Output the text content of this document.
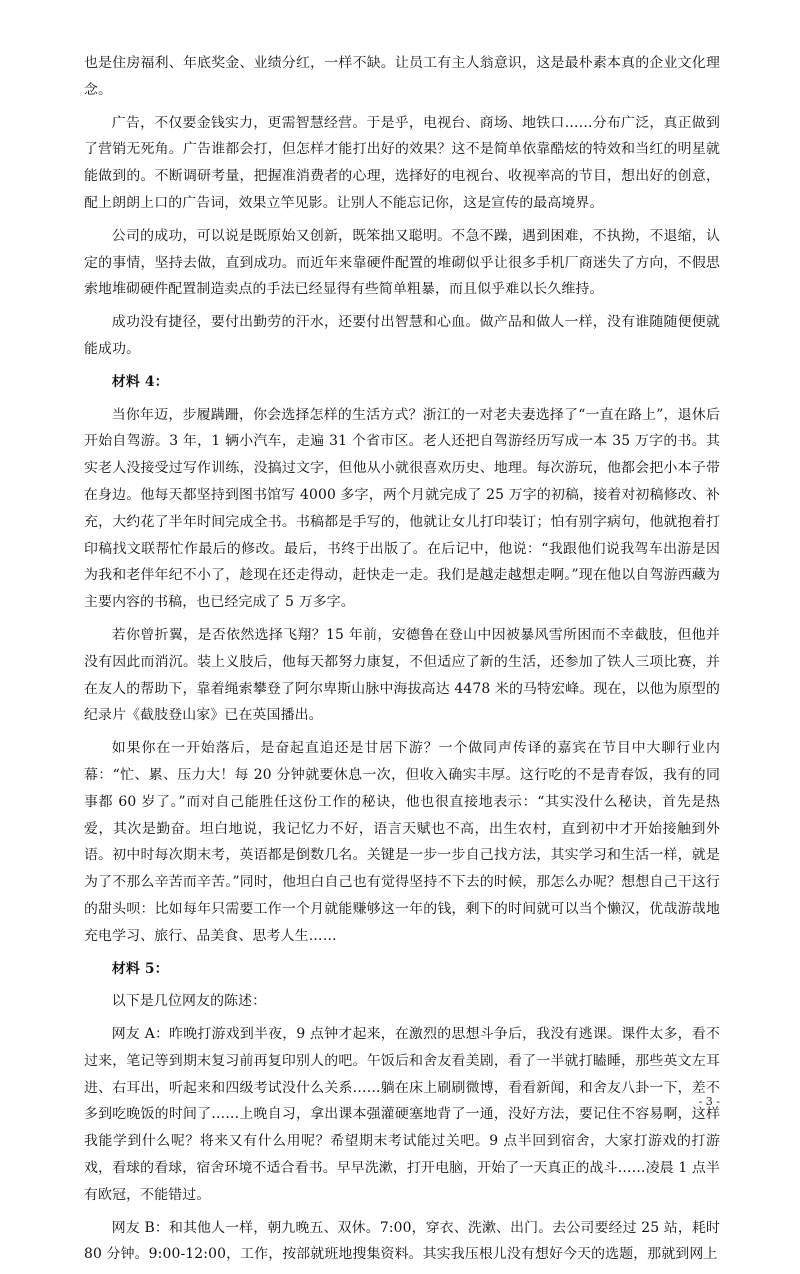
也是住房福利、年底奖金、业绩分红，一样不缺。让员工有主人翁意识，这是最朴素本真的企业文化理念。

广告，不仅要金钱实力，更需智慧经营。于是乎，电视台、商场、地铁口……分布广泛，真正做到了营销无死角。广告谁都会打，但怎样才能打出好的效果？这不是简单依靠酷炫的特效和当红的明星就能做到的。不断调研考量，把握准消费者的心理，选择好的电视台、收视率高的节目，想出好的创意，配上朗朗上口的广告词，效果立竿见影。让别人不能忘记你，这是宣传的最高境界。

公司的成功，可以说是既原始又创新，既笨拙又聪明。不急不躁，遇到困难，不执拗，不退缩，认定的事情，坚持去做，直到成功。而近年来靠硬件配置的堆砌似乎让很多手机厂商迷失了方向，不假思索地堆砌硬件配置制造卖点的手法已经显得有些简单粗暴，而且似乎难以长久维持。

成功没有捷径，要付出勤劳的汗水，还要付出智慧和心血。做产品和做人一样，没有谁随随便便就能成功。

材料 4：

当你年迈，步履蹒跚，你会选择怎样的生活方式？浙江的一对老夫妻选择了“一直在路上”，退休后开始自驾游。3 年，1 辆小汽车，走遍 31 个省市区。老人还把自驾游经历写成一本 35 万字的书。其实老人没接受过写作训练，没搞过文字，但他从小就很喜欢历史、地理。每次游玩，他都会把小本子带在身边。他每天都坚持到图书馆写 4000 多字，两个月就完成了 25 万字的初稿，接着对初稿修改、补充，大约花了半年时间完成全书。书稿都是手写的，他就让女儿打印装订；怕有别字病句，他就抱着打印稿找文联帮忙作最后的修改。最后，书终于出版了。在后记中，他说：“我跟他们说我驾车出游是因为我和老伴年纪不小了，趁现在还走得动，赶快走一走。我们是越走越想走啊。”现在他以自驾游西藏为主要内容的书稿，也已经完成了 5 万多字。

若你曾折翼，是否依然选择飞翔？15 年前，安德鲁在登山中因被暴风雪所困而不幸截肢，但他并没有因此而消沉。装上义肢后，他每天都努力康复，不但适应了新的生活，还参加了铁人三项比赛，并在友人的帮助下，靠着绳索攀登了阿尔卑斯山脉中海拔高达 4478 米的马特宏峰。现在，以他为原型的纪录片《截肢登山家》已在英国播出。

如果你在一开始落后，是奋起直追还是甘居下游？一个做同声传译的嘉宾在节目中大聊行业内幕：“忙、累、压力大！每 20 分钟就要休息一次，但收入确实丰厚。这行吃的不是青春饭，我有的同事都 60 岁了。”而对自己能胜任这份工作的秘诀，他也很直接地表示：“其实没什么秘诀，首先是热爱，其次是勤奋。坦白地说，我记忆力不好，语言天赋也不高，出生农村，直到初中才开始接触到外语。初中时每次期末考，英语都是倒数几名。关键是一步一步自己找方法，其实学习和生活一样，就是为了不那么辛苦而辛苦。”同时，他坦白自己也有觉得坚持不下去的时候，那怎么办呢？想想自己干这行的甜头呗：比如每年只需要工作一个月就能赚够这一年的钱，剩下的时间就可以当个懒汉，优哉游哉地充电学习、旅行、品美食、思考人生……

材料 5：

以下是几位网友的陈述：

网友 A：昨晚打游戏到半夜，9 点钟才起来，在激烈的思想斗争后，我没有逃课。课件太多，看不过来，笔记等到期末复习前再复印别人的吧。午饭后和舍友看美剧，看了一半就打瞌睡，那些英文左耳进、右耳出，听起来和四级考试没什么关系……躺在床上刷刷微博，看看新闻，和舍友八卦一下，差不多到吃晚饭的时间了……上晚自习，拿出课本强灌硬塞地背了一通，没好方法，要记住不容易啊，这样我能学到什么呢？将来又有什么用呢？希望期末考试能过关吧。9 点半回到宿舍，大家打游戏的打游戏，看球的看球，宿舍环境不适合看书。早早洗漱，打开电脑，开始了一天真正的战斗……凌晨 1 点半有欧冠，不能错过。

网友 B：和其他人一样，朝九晚五、双休。7:00，穿衣、洗漱、出门。去公司要经过 25 站，耗时 80 分钟。9:00-12:00，工作，按部就班地搜集资料。其实我压根儿没有想好今天的选题，那就到网上

- 3 -
